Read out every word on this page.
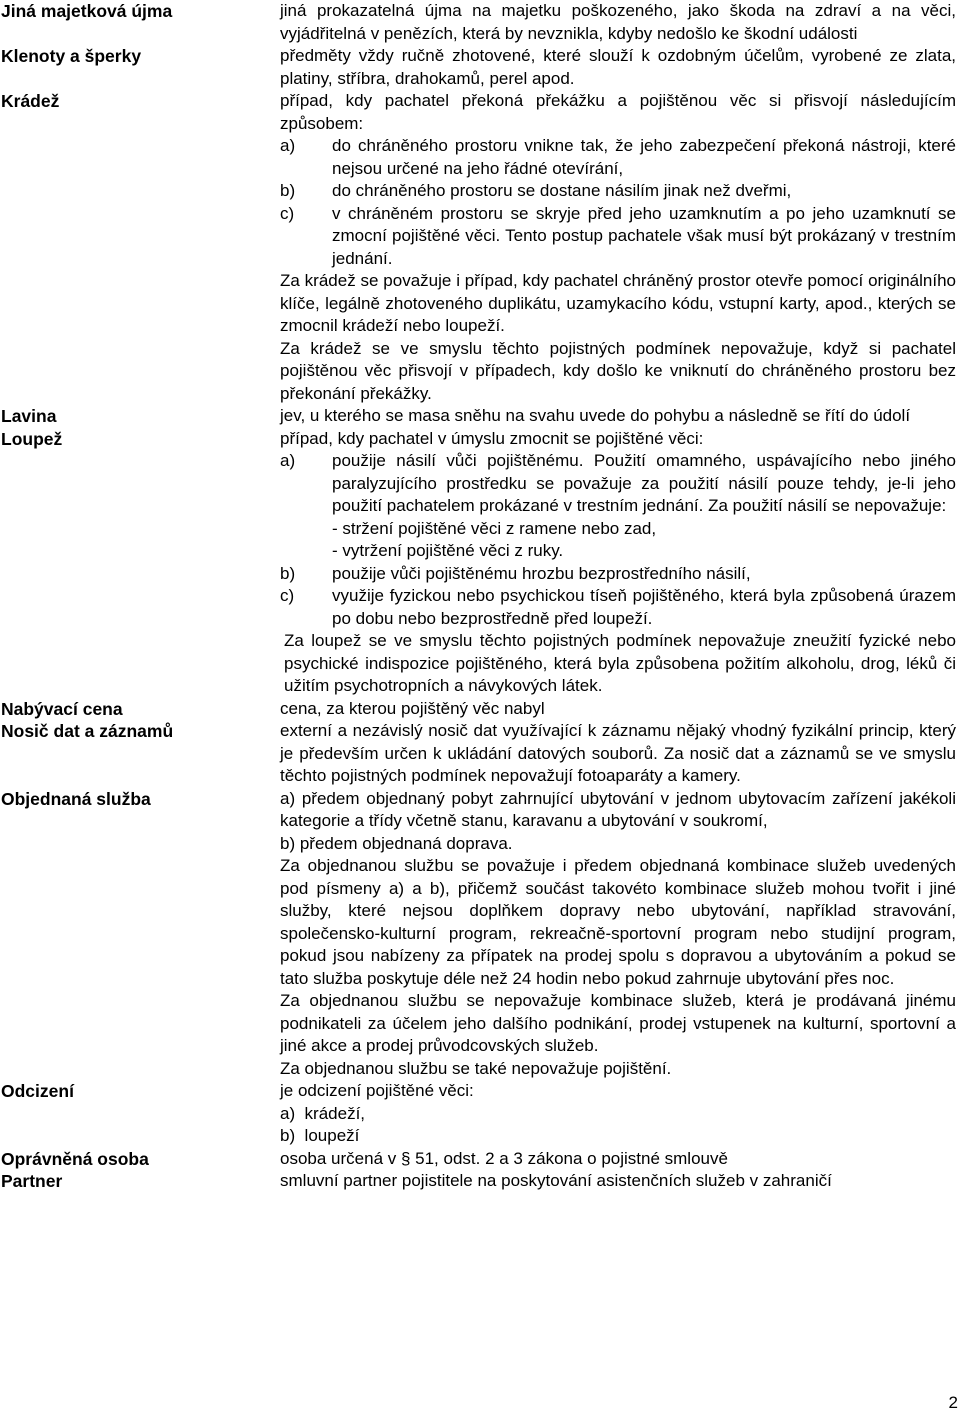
Jiná majetková újma	jiná prokazatelná újma na majetku poškozeného, jako škoda na zdraví a na věci, vyjádřitelná v penězích, která by nevznikla, kdyby nedošlo ke škodní události
Klenoty a šperky	předměty vždy ručně zhotovené, které slouží k ozdobným účelům, vyrobené ze zlata, platiny, stříbra, drahokamů, perel apod.
Krádež	případ, kdy pachatel překoná překážku a pojištěnou věc si přisvojí následujícím způsobem:
a)	do chráněného prostoru vnikne tak, že jeho zabezpečení překoná nástroji, které nejsou určené na jeho řádné otevírání,
b)	do chráněného prostoru se dostane násilím jinak než dveřmi,
c)	v chráněném prostoru se skryje před jeho uzamknutím a po jeho uzamknutí se zmocní pojištěné věci. Tento postup pachatele však musí být prokázaný v trestním jednání.
Za krádež se považuje i případ, kdy pachatel chráněný prostor otevře pomocí originálního klíče, legálně zhotoveného duplikátu, uzamykacího kódu, vstupní karty, apod., kterých se zmocnil krádeží nebo loupeží.
Za krádež se ve smyslu těchto pojistných podmínek nepovažuje, když si pachatel pojištěnou věc přisvojí v případech, kdy došlo ke vniknutí do chráněného prostoru bez překonání překážky.
Lavina	jev, u kterého se masa sněhu na svahu uvede do pohybu a následně se řítí do údolí
Loupež	případ, kdy pachatel v úmyslu zmocnit se pojištěné věci:
a)	použije násilí vůči pojištěnému. Použití omamného, uspávajícího nebo jiného paralyzujícího prostředku se považuje za použití násilí pouze tehdy, je-li jeho použití pachatelem prokázané v trestním jednání. Za použití násilí se nepovažuje:
- stržení pojištěné věci z ramene nebo zad,
- vytržení pojištěné věci z ruky.
b)	použije vůči pojištěnému hrozbu bezprostředního násilí,
c)	využije fyzickou nebo psychickou tíseň pojištěného, která byla způsobená úrazem po dobu nebo bezprostředně před loupeží.
Za loupež se ve smyslu těchto pojistných podmínek nepovažuje zneužití fyzické nebo psychické indispozice pojištěného, která byla způsobena požitím alkoholu, drog, léků či užitím psychotropních a návykových látek.
Nabývací cena	cena, za kterou pojištěný věc nabyl
Nosič dat a záznamů	externí a nezávislý nosič dat využívající k záznamu nějaký vhodný fyzikální princip, který je především určen k ukládání datových souborů. Za nosič dat a záznamů se ve smyslu těchto pojistných podmínek nepovažují fotoaparáty a kamery.
Objednaná služba	a) předem objednaný pobyt zahrnující ubytování v jednom ubytovacím zařízení jakékoli kategorie a třídy včetně stanu, karavanu a ubytování v soukromí,
b) předem objednaná doprava.
Za objednanou službu se považuje i předem objednaná kombinace služeb uvedených pod písmeny a) a b), přičemž součást takovéto kombinace služeb mohou tvořit i jiné služby, které nejsou doplňkem dopravy nebo ubytování, například stravování, společensko-kulturní program, rekreačně-sportovní program nebo studijní program, pokud jsou nabízeny za přípatek na prodej spolu s dopravou a ubytováním a pokud se tato služba poskytuje déle než 24 hodin nebo pokud zahrnuje ubytování přes noc.
Za objednanou službu se nepovažuje kombinace služeb, která je prodávaná jinému podnikateli za účelem jeho dalšího podnikání, prodej vstupenek na kulturní, sportovní a jiné akce a prodej průvodcovských služeb.
Za objednanou službu se také nepovažuje pojištění.
Odcizení	je odcizení pojištěné věci:
a)  krádeží,
b)  loupeží
Oprávněná osoba	osoba určená v § 51, odst. 2 a 3 zákona o pojistné smlouvě
Partner	smluvní partner pojistitele na poskytování asistenčních služeb v zahraničí
2
